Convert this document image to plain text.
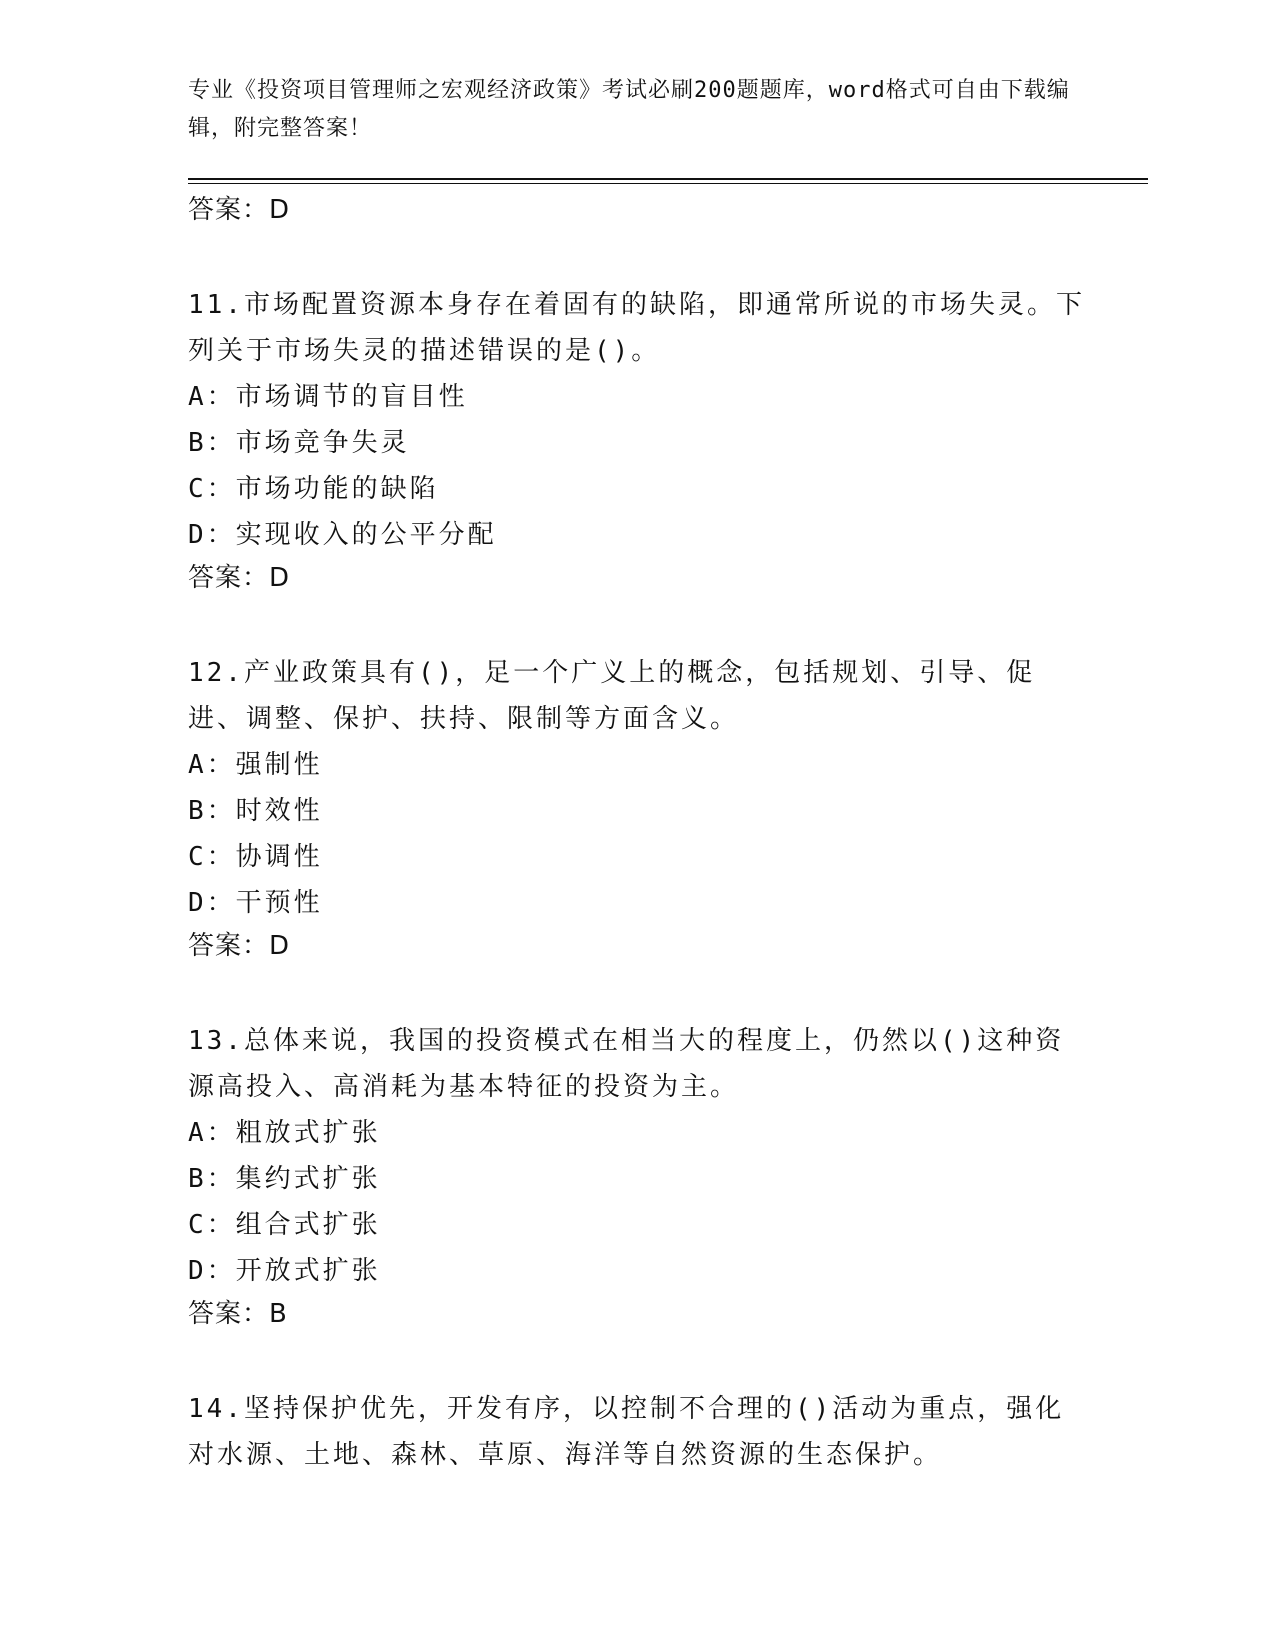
专业《投资项目管理师之宏观经济政策》考试必刷200题题库，word格式可自由下载编辑，附完整答案！
答案：D
11.市场配置资源本身存在着固有的缺陷，即通常所说的市场失灵。下列关于市场失灵的描述错误的是()。
A：市场调节的盲目性
B：市场竞争失灵
C：市场功能的缺陷
D：实现收入的公平分配
答案：D
12.产业政策具有()，足一个广义上的概念，包括规划、引导、促进、调整、保护、扶持、限制等方面含义。
A：强制性
B：时效性
C：协调性
D：干预性
答案：D
13.总体来说，我国的投资模式在相当大的程度上，仍然以()这种资源高投入、高消耗为基本特征的投资为主。
A：粗放式扩张
B：集约式扩张
C：组合式扩张
D：开放式扩张
答案：B
14.坚持保护优先，开发有序，以控制不合理的()活动为重点，强化对水源、土地、森林、草原、海洋等自然资源的生态保护。
